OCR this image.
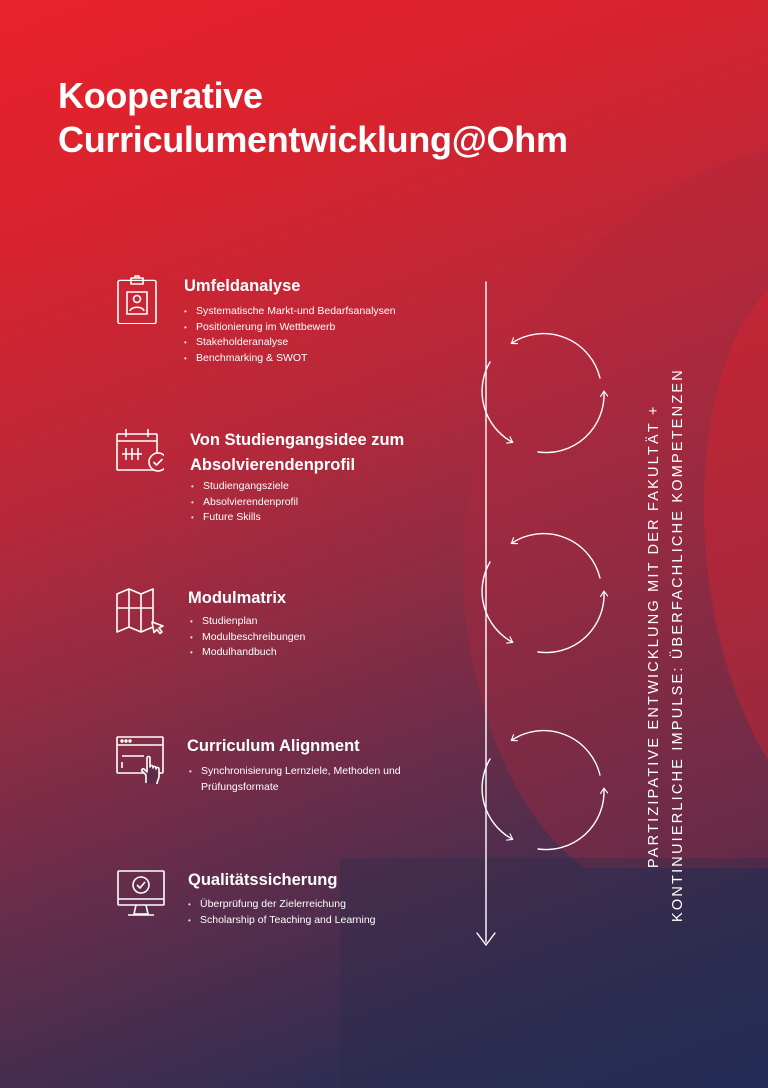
Kooperative
Curriculumentwicklung@Ohm
Umfeldanalyse
• Systematische Markt-und Bedarfsanalysen
• Positionierung im Wettbewerb
• Stakeholderanalyse
• Benchmarking & SWOT
Von Studiengangsidee zum Absolvierendenprofil
• Studiengangsziele
• Absolvierendenprofil
• Future Skills
Modulmatrix
• Studienplan
• Modulbeschreibungen
• Modulhandbuch
Curriculum Alignment
• Synchronisierung Lernziele, Methoden und Prüfungsformate
Qualitätssicherung
• Überprüfung der Zielerreichung
• Scholarship of Teaching and Learning
PARTIZIPATIVE ENTWICKLUNG MIT DER FAKULTÄT + KONTINUIERLICHE IMPULSE: ÜBERFACHLICHE KOMPETENZEN
